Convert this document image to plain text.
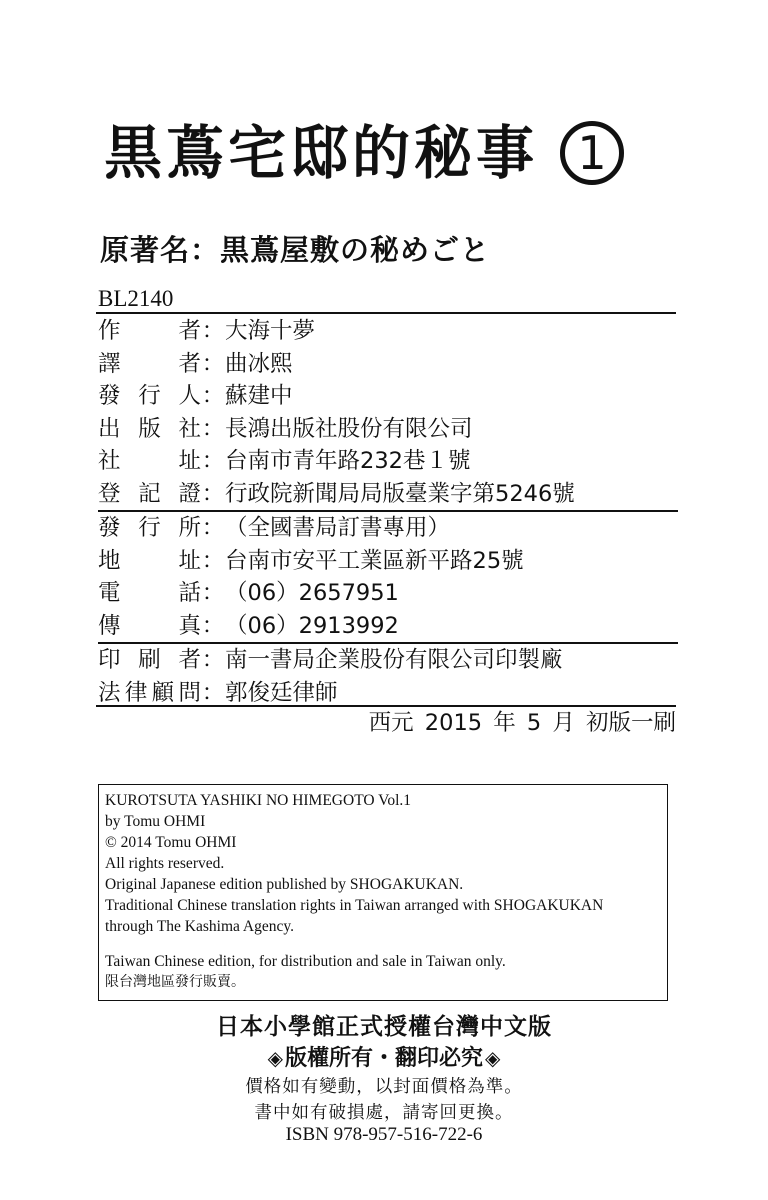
黒蔦宅邸的秘事 1
原著名：黒蔦屋敷の秘めごと
BL2140
作	者 ： 大海十夢
譯	者 ： 曲冰熙
發 行 人 ： 蘇建中
出 版 社 ： 長鴻出版社股份有限公司
社	址 ： 台南市青年路232巷１號
登 記 證 ： 行政院新聞局局版臺業字第5246號
發 行 所 ： （全國書局訂書專用）
地	址 ： 台南市安平工業區新平路25號
電	話 ： （06）2657951
傳	真 ： （06）2913992
印 刷 者 ： 南一書局企業股份有限公司印製廠
法 律 顧 問 ： 郭俊廷律師
西元 2015 年 5 月 初版一刷
KUROTSUTA YASHIKI NO HIMEGOTO Vol.1
by Tomu OHMI
© 2014 Tomu OHMI
All rights reserved.
Original Japanese edition published by SHOGAKUKAN.
Traditional Chinese translation rights in Taiwan arranged with SHOGAKUKAN
through The Kashima Agency.
Taiwan Chinese edition, for distribution and sale in Taiwan only.
限台灣地區發行販賣。
日本小學館正式授權台灣中文版
◈版權所有・翻印必究 ◈
價格如有變動，以封面價格為準。
書中如有破損處，請寄回更換。
ISBN 978-957-516-722-6
